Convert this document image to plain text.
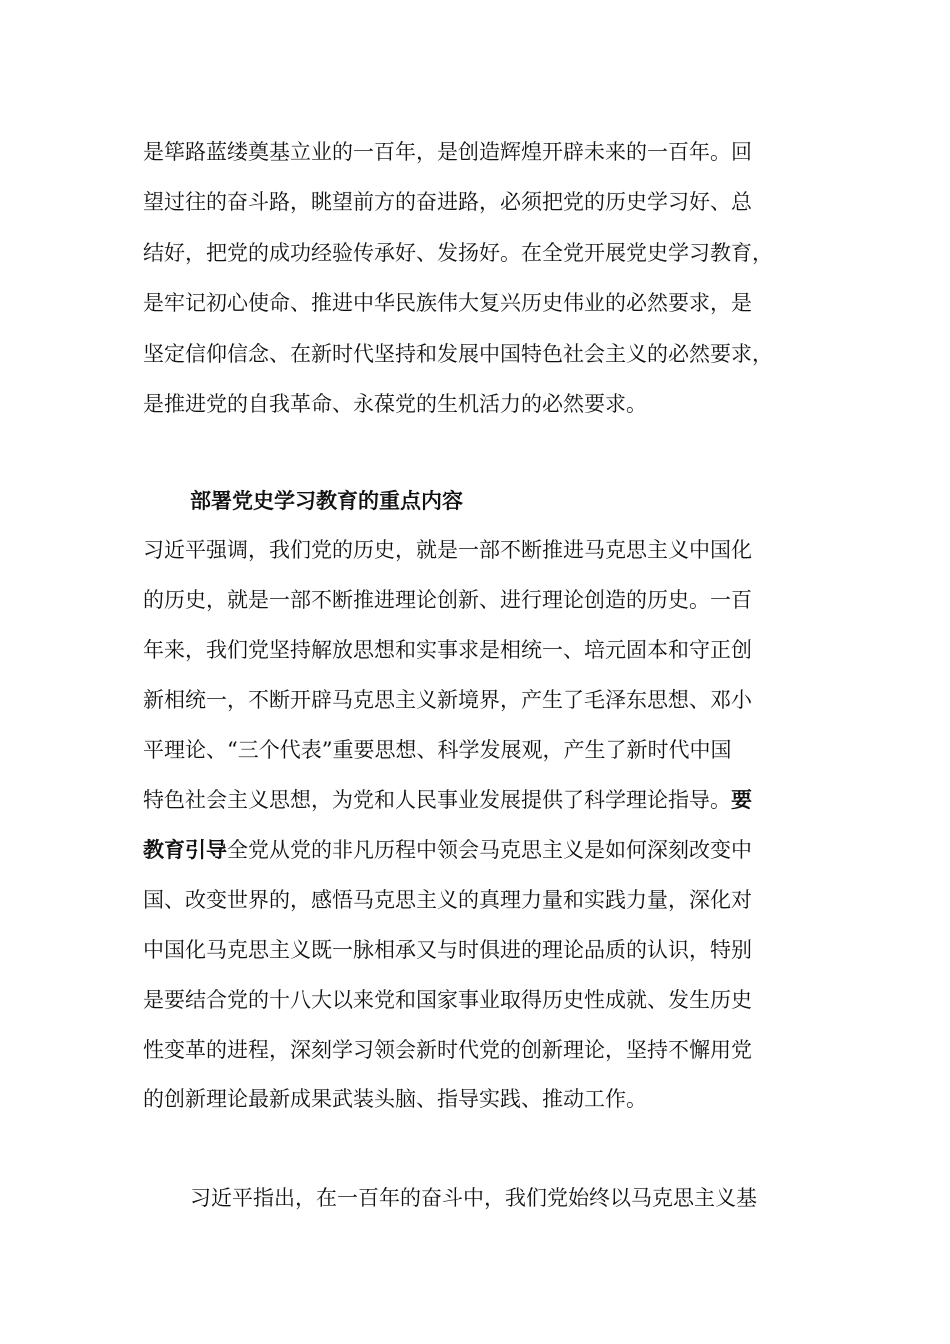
是筚路蓝缕奠基立业的一百年，是创造辉煌开辟未来的一百年。回
望过往的奋斗路，眺望前方的奋进路，必须把党的历史学习好、总
结好，把党的成功经验传承好、发扬好。在全党开展党史学习教育，
是牢记初心使命、推进中华民族伟大复兴历史伟业的必然要求，是
坚定信仰信念、在新时代坚持和发展中国特色社会主义的必然要求，
是推进党的自我革命、永葆党的生机活力的必然要求。
部署党史学习教育的重点内容
习近平强调，我们党的历史，就是一部不断推进马克思主义中国化
的历史，就是一部不断推进理论创新、进行理论创造的历史。一百
年来，我们党坚持解放思想和实事求是相统一、培元固本和守正创
新相统一，不断开辟马克思主义新境界，产生了毛泽东思想、邓小
平理论、“三个代表”重要思想、科学发展观，产生了新时代中国
特色社会主义思想，为党和人民事业发展提供了科学理论指导。要
教育引导全党从党的非凡历程中领会马克思主义是如何深刻改变中
国、改变世界的，感悟马克思主义的真理力量和实践力量，深化对
中国化马克思主义既一脉相承又与时俱进的理论品质的认识，特别
是要结合党的十八大以来党和国家事业取得历史性成就、发生历史
性变革的进程，深刻学习领会新时代党的创新理论，坚持不懈用党
的创新理论最新成果武装头脑、指导实践、推动工作。
习近平指出，在一百年的奋斗中，我们党始终以马克思主义基
